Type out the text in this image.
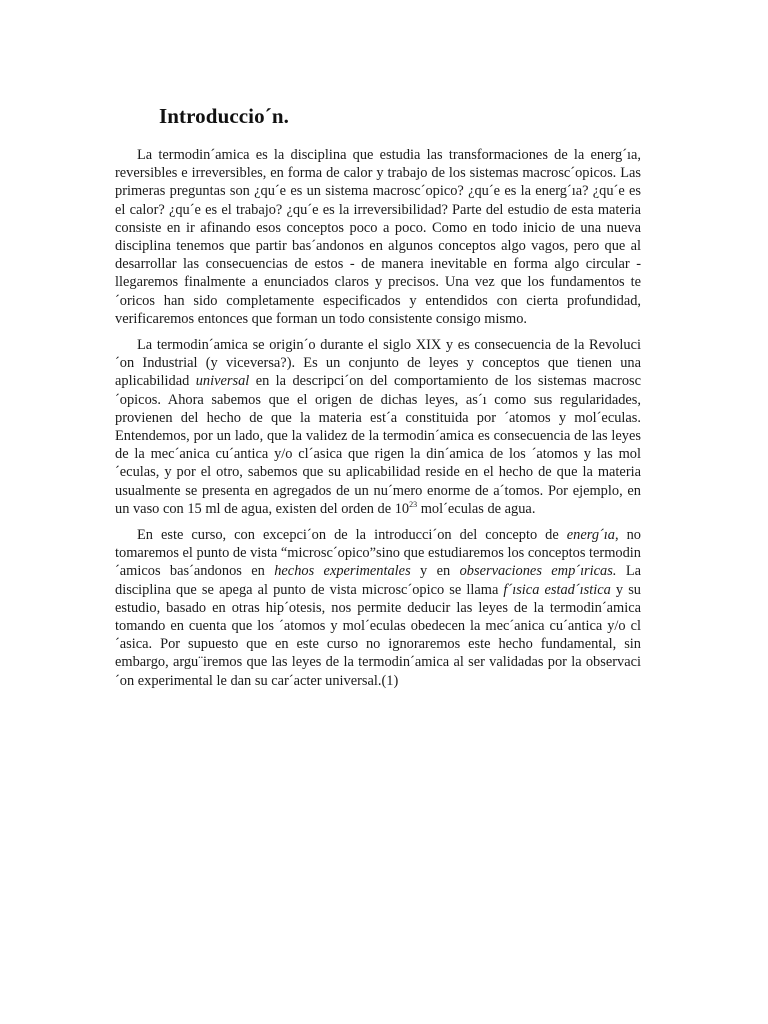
Introduccio´n.

La termodin´amica es la disciplina que estudia las transformaciones de la energ´ıa, reversibles e irreversibles, en forma de calor y trabajo de los sistemas macrosc´opicos. Las primeras preguntas son ¿qu´e es un sistema macrosc´opico? ¿qu´e es la energ´ıa? ¿qu´e es el calor? ¿qu´e es el trabajo? ¿qu´e es la irreversibilidad? Parte del estudio de esta materia consiste en ir afinando esos conceptos poco a poco. Como en todo inicio de una nueva disciplina tenemos que partir bas´andonos en algunos conceptos algo vagos, pero que al desarrollar las consecuencias de estos - de manera inevitable en forma algo circular - llegaremos finalmente a enunciados claros y precisos. Una vez que los fundamentos te´oricos han sido completamente especificados y entendidos con cierta profundidad, verificaremos entonces que forman un todo consistente consigo mismo.

La termodin´amica se origin´o durante el siglo XIX y es consecuencia de la Revoluci´on Industrial (y viceversa?). Es un conjunto de leyes y conceptos que tienen una aplicabilidad universal en la descripci´on del comportamiento de los sistemas macrosc´opicos. Ahora sabemos que el origen de dichas leyes, as´ı como sus regularidades, provienen del hecho de que la materia est´a constituida por ´atomos y mol´eculas. Entendemos, por un lado, que la validez de la termodin´amica es consecuencia de las leyes de la mec´anica cu´antica y/o cl´asica que rigen la din´amica de los ´atomos y las mol´eculas, y por el otro, sabemos que su aplicabilidad reside en el hecho de que la materia usualmente se presenta en agregados de un nu´mero enorme de a´tomos. Por ejemplo, en un vaso con 15 ml de agua, existen del orden de $10^{23}$ mol´eculas de agua.

En este curso, con excepci´on de la introducci´on del concepto de energ´ıa, no tomaremos el punto de vista “microsc´opico”sino que estudiaremos los conceptos termodin´amicos bas´andonos en hechos experimentales y en observaciones emp´ıricas. La disciplina que se apega al punto de vista microsc´opico se llama f´ısica estad´ıstica y su estudio, basado en otras hip´otesis, nos permite deducir las leyes de la termodin´amica tomando en cuenta que los ´atomos y mol´eculas obedecen la mec´anica cu´antica y/o cl´asica. Por supuesto que en este curso no ignoraremos este hecho fundamental, sin embargo, argu¨iremos que las leyes de la termodin´amica al ser validadas por la observaci´on experimental le dan su car´acter universal.(1)
